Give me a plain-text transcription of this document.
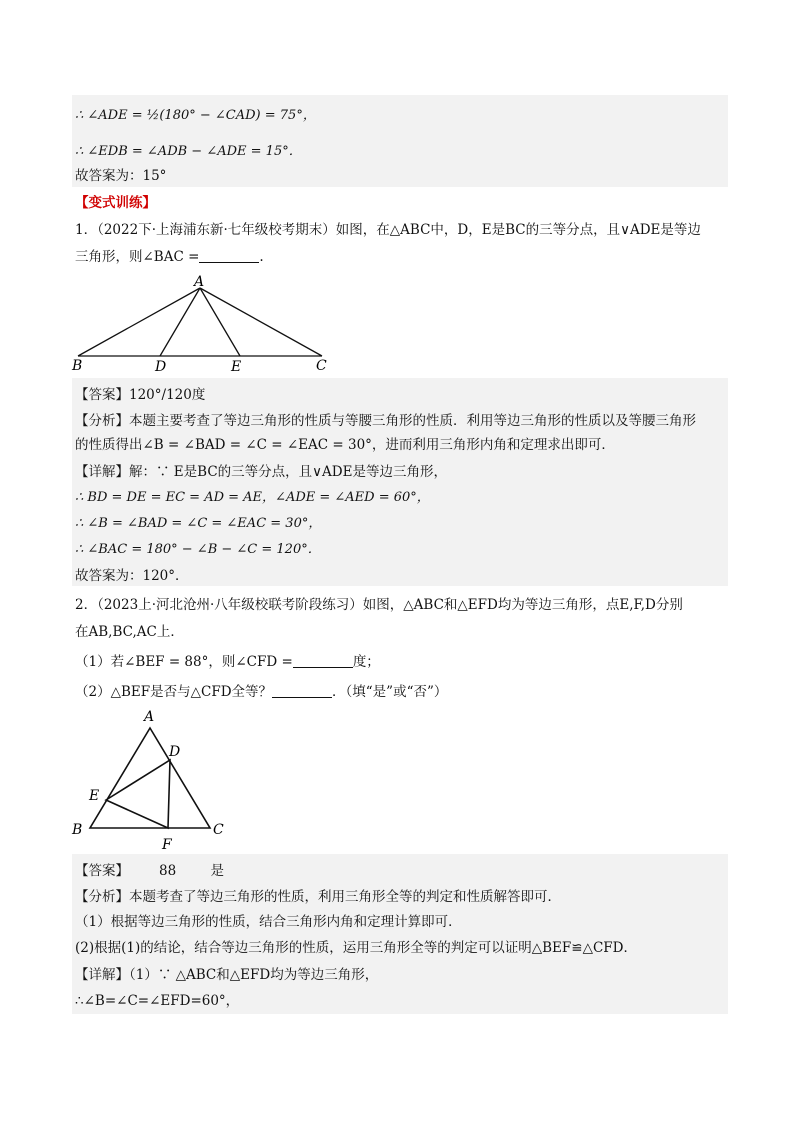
∴ ∠ADE = ½(180° − ∠CAD) = 75°，
∴ ∠EDB = ∠ADB − ∠ADE = 15°．
故答案为：15°
【变式训练】
1．（2022下·上海浦东新·七年级校考期末）如图，在△ABC中，D，E是BC的三等分点，且∨ADE是等边
三角形，则∠BAC =	.
A
B	D	E	C
【答案】120°/120度
【分析】本题主要考查了等边三角形的性质与等腰三角形的性质．利用等边三角形的性质以及等腰三角形
的性质得出∠B = ∠BAD = ∠C = ∠EAC = 30°，进而利用三角形内角和定理求出即可．
【详解】解：∵ E是BC的三等分点，且∨ADE是等边三角形，
∴ BD = DE = EC = AD = AE，∠ADE = ∠AED = 60°，
∴ ∠B = ∠BAD = ∠C = ∠EAC = 30°，
∴ ∠BAC = 180° − ∠B − ∠C = 120°．
故答案为：120°．
2．（2023上·河北沧州·八年级校联考阶段练习）如图，△ABC和△EFD均为等边三角形，点E,F,D分别
在AB,BC,AC上．
（1）若∠BEF = 88°，则∠CFD =	度；
（2）△BEF是否与△CFD全等？	．（填“是”或“否”）
A
D
E
B
F
C
【答案】       88        是
【分析】本题考查了等边三角形的性质，利用三角形全等的判定和性质解答即可．
（1）根据等边三角形的性质，结合三角形内角和定理计算即可．
(2)根据(1)的结论，结合等边三角形的性质，运用三角形全等的判定可以证明△BEF≌△CFD．
【详解】（1）∵ △ABC和△EFD均为等边三角形，
∴∠B=∠C=∠EFD=60°，
